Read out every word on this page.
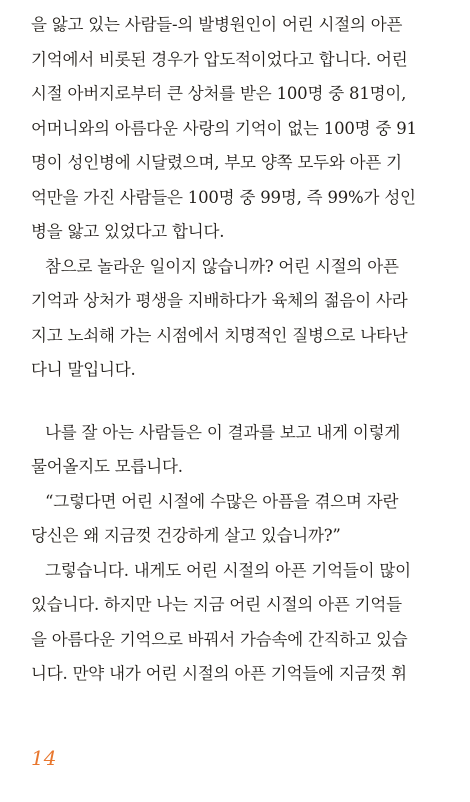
을 앓고 있는 사람들-의 발병원인이 어린 시절의 아픈
기억에서 비롯된 경우가 압도적이었다고 합니다. 어린
시절 아버지로부터 큰 상처를 받은 100명 중 81명이,
어머니와의 아름다운 사랑의 기억이 없는 100명 중 91
명이 성인병에 시달렸으며, 부모 양쪽 모두와 아픈 기
억만을 가진 사람들은 100명 중 99명, 즉 99%가 성인
병을 앓고 있었다고 합니다.
참으로 놀라운 일이지 않습니까? 어린 시절의 아픈
기억과 상처가 평생을 지배하다가 육체의 젊음이 사라
지고 노쇠해 가는 시점에서 치명적인 질병으로 나타난
다니 말입니다.
나를 잘 아는 사람들은 이 결과를 보고 내게 이렇게
물어올지도 모릅니다.
“그렇다면 어린 시절에 수많은 아픔을 겪으며 자란
당신은 왜 지금껏 건강하게 살고 있습니까?”
그렇습니다. 내게도 어린 시절의 아픈 기억들이 많이
있습니다. 하지만 나는 지금 어린 시절의 아픈 기억들
을 아름다운 기억으로 바꿔서 가슴속에 간직하고 있습
니다. 만약 내가 어린 시절의 아픈 기억들에 지금껏 휘
14
